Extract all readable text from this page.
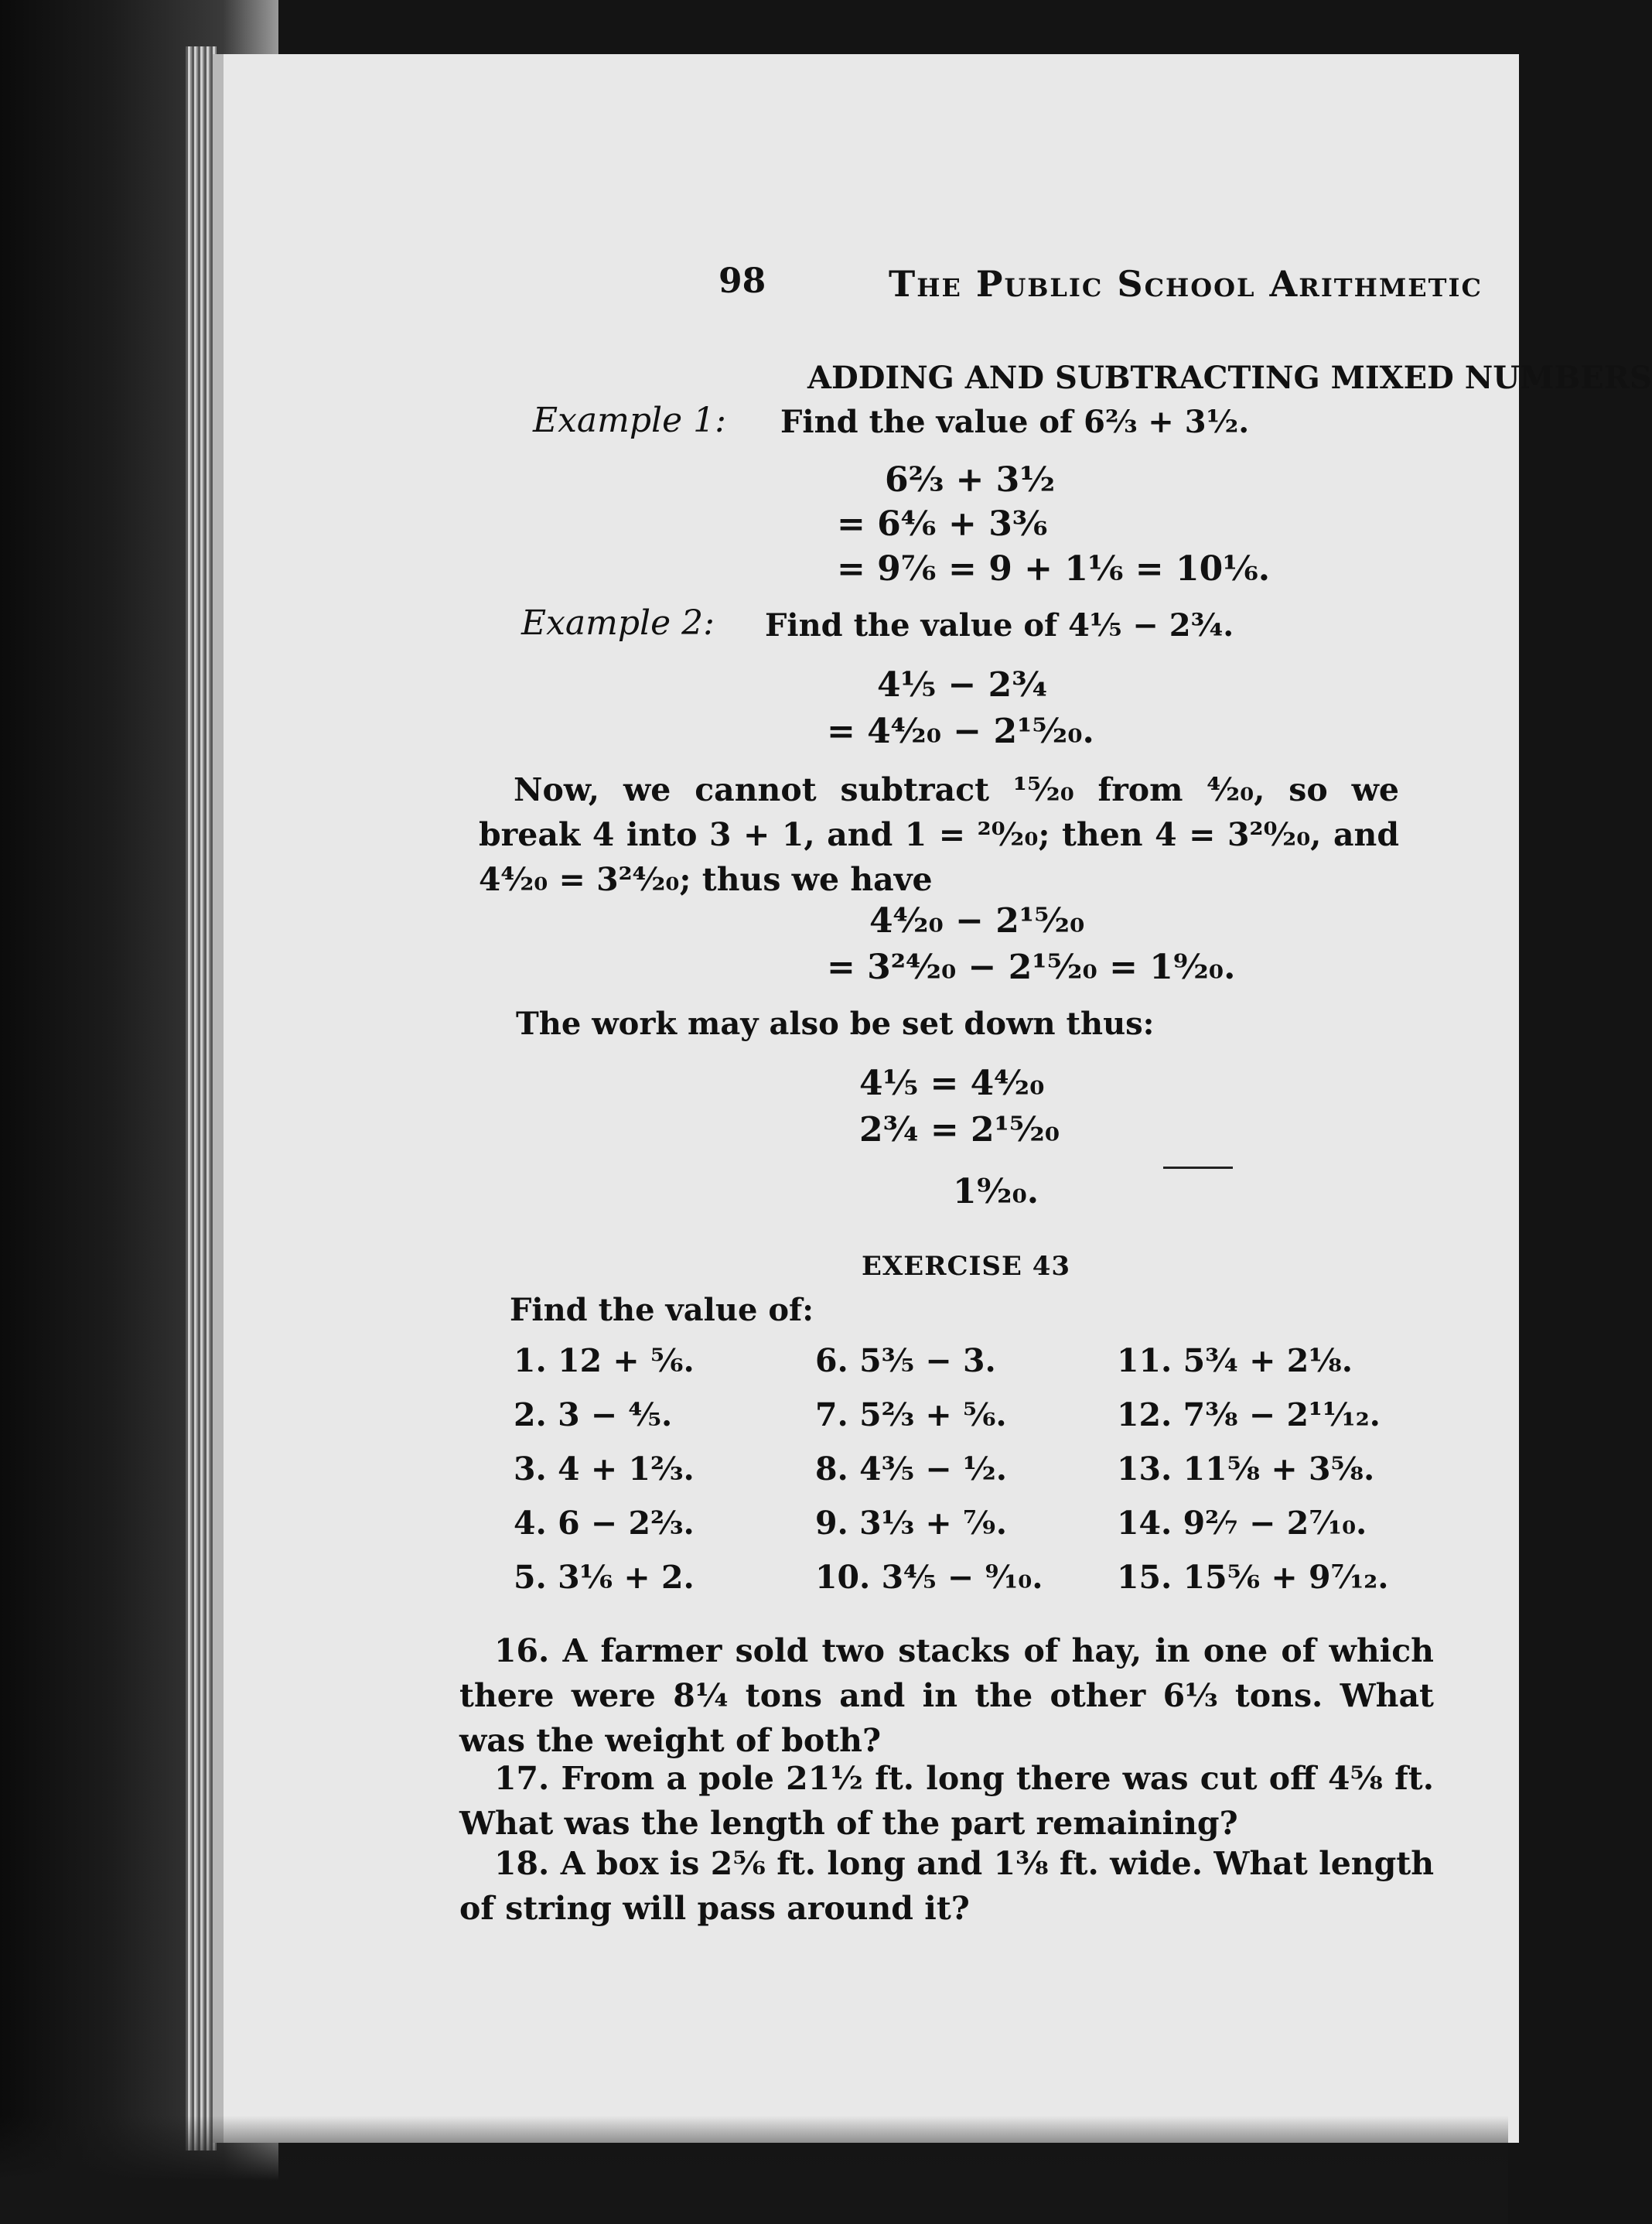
98	The Public School Arithmetic
ADDING AND SUBTRACTING MIXED NUMBERS
Example 1: Find the value of 6⅔ + 3½.
6⅔ + 3½
= 6⁴⁄₆ + 3³⁄₆
= 9⁷⁄₆ = 9 + 1⅙ = 10⅙.
Example 2: Find the value of 4⅕ − 2¾.
4⅕ − 2¾
= 4⁴⁄₂₀ − 2¹⁵⁄₂₀.
Now, we cannot subtract ¹⁵⁄₂₀ from ⁴⁄₂₀, so we break 4 into 3 + 1, and 1 = ²⁰⁄₂₀; then 4 = 3²⁰⁄₂₀, and 4⁴⁄₂₀ = 3²⁴⁄₂₀; thus we have
4⁴⁄₂₀ − 2¹⁵⁄₂₀
= 3²⁴⁄₂₀ − 2¹⁵⁄₂₀ = 1⁹⁄₂₀.
The work may also be set down thus:
4⅕ = 4⁴⁄₂₀
2¾ = 2¹⁵⁄₂₀
1⁹⁄₂₀.
EXERCISE 43
Find the value of:
1. 12 + ⅚.	6. 5⅗ − 3.	11. 5¾ + 2⅛.
2. 3 − ⅘.	7. 5⅔ + ⅚.	12. 7⅜ − 2¹¹⁄₁₂.
3. 4 + 1⅔.	8. 4⅗ − ½.	13. 11⅝ + 3⅝.
4. 6 − 2⅔.	9. 3⅓ + ⁷⁄₉.	14. 9²⁄₇ − 2⁷⁄₁₀.
5. 3⅙ + 2.	10. 3⅘ − ⁹⁄₁₀.	15. 15⅚ + 9⁷⁄₁₂.
16. A farmer sold two stacks of hay, in one of which there were 8¼ tons and in the other 6⅓ tons. What was the weight of both?
17. From a pole 21½ ft. long there was cut off 4⅝ ft. What was the length of the part remaining?
18. A box is 2⅚ ft. long and 1⅜ ft. wide. What length of string will pass around it?
